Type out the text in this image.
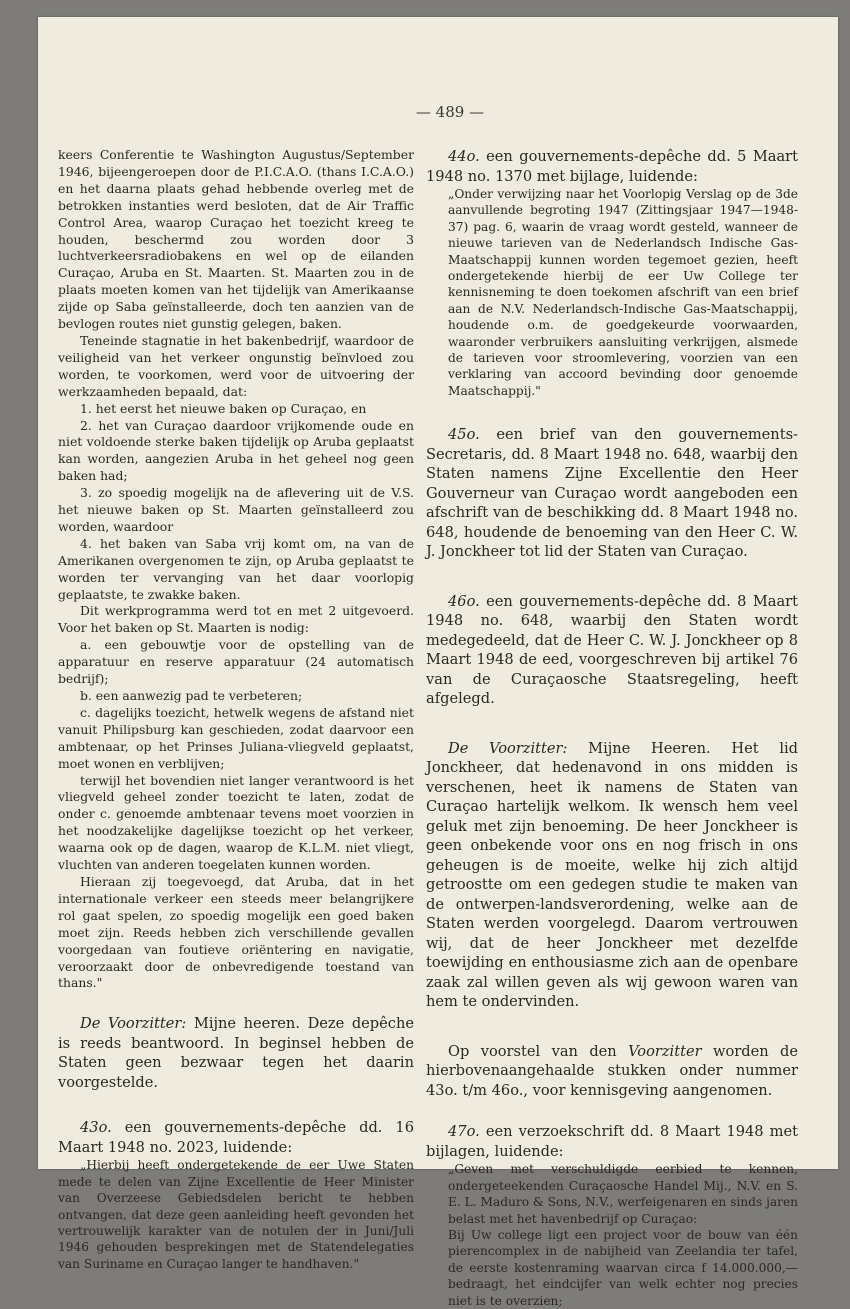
— 489 —

keers Conferentie te Washington Augustus/September 1946, bijeengeroepen door de P.I.C.A.O. (thans I.C.A.O.) en het daarna plaats gehad hebbende overleg met de betrokken instanties werd besloten, dat de Air Traffic Control Area, waarop Curaçao het toezicht kreeg te houden, beschermd zou worden door 3 luchtverkeersradiobakens en wel op de eilanden Curaçao, Aruba en St. Maarten. St. Maarten zou in de plaats moeten komen van het tijdelijk van Amerikaanse zijde op Saba geïnstalleerde, doch ten aanzien van de bevlogen routes niet gunstig gelegen, baken.

Teneinde stagnatie in het bakenbedrijf, waardoor de veiligheid van het verkeer ongunstig beïnvloed zou worden, te voorkomen, werd voor de uitvoering der werkzaamheden bepaald, dat:

1. het eerst het nieuwe baken op Curaçao, en

2. het van Curaçao daardoor vrijkomende oude en niet voldoende sterke baken tijdelijk op Aruba geplaatst kan worden, aangezien Aruba in het geheel nog geen baken had;

3. zo spoedig mogelijk na de aflevering uit de V.S. het nieuwe baken op St. Maarten geïnstalleerd zou worden, waardoor

4. het baken van Saba vrij komt om, na van de Amerikanen overgenomen te zijn, op Aruba geplaatst te worden ter vervanging van het daar voorlopig geplaatste, te zwakke baken.

Dit werkprogramma werd tot en met 2 uitgevoerd. Voor het baken op St. Maarten is nodig:

a. een gebouwtje voor de opstelling van de apparatuur en reserve apparatuur (24 automatisch bedrijf);

b. een aanwezig pad te verbeteren;

c. dagelijks toezicht, hetwelk wegens de afstand niet vanuit Philipsburg kan geschieden, zodat daarvoor een ambtenaar, op het Prinses Juliana-vliegveld geplaatst, moet wonen en verblijven;

terwijl het bovendien niet langer verantwoord is het vliegveld geheel zonder toezicht te laten, zodat de onder c. genoemde ambtenaar tevens moet voorzien in het noodzakelijke dagelijkse toezicht op het verkeer, waarna ook op de dagen, waarop de K.L.M. niet vliegt, vluchten van anderen toegelaten kunnen worden.

Hieraan zij toegevoegd, dat Aruba, dat in het internationale verkeer een steeds meer belangrijkere rol gaat spelen, zo spoedig mogelijk een goed baken moet zijn. Reeds hebben zich verschillende gevallen voorgedaan van foutieve oriëntering en navigatie, veroorzaakt door de onbevredigende toestand van thans."

De Voorzitter: Mijne heeren. Deze depêche is reeds beantwoord. In beginsel hebben de Staten geen bezwaar tegen het daarin voorgestelde.

43o. een gouvernements-depêche dd. 16 Maart 1948 no. 2023, luidende:

„Hierbij heeft ondergetekende de eer Uwe Staten mede te delen van Zijne Excellentie de Heer Minister van Overzeese Gebiedsdelen bericht te hebben ontvangen, dat deze geen aanleiding heeft gevonden het vertrouwelijk karakter van de notulen der in Juni/Juli 1946 gehouden besprekingen met de Statendelegaties van Suriname en Curaçao langer te handhaven."

44o. een gouvernements-depêche dd. 5 Maart 1948 no. 1370 met bijlage, luidende:

„Onder verwijzing naar het Voorlopig Verslag op de 3de aanvullende begroting 1947 (Zittingsjaar 1947—1948-37) pag. 6, waarin de vraag wordt gesteld, wanneer de nieuwe tarieven van de Nederlandsch Indische Gas-Maatschappij kunnen worden tegemoet gezien, heeft ondergetekende hierbij de eer Uw College ter kennisneming te doen toekomen afschrift van een brief aan de N.V. Nederlandsch-Indische Gas-Maatschappij, houdende o.m. de goedgekeurde voorwaarden, waaronder verbruikers aansluiting verkrijgen, alsmede de tarieven voor stroomlevering, voorzien van een verklaring van accoord bevinding door genoemde Maatschappij."

45o. een brief van den gouvernements-Secretaris, dd. 8 Maart 1948 no. 648, waarbij den Staten namens Zijne Excellentie den Heer Gouverneur van Curaçao wordt aangeboden een afschrift van de beschikking dd. 8 Maart 1948 no. 648, houdende de benoeming van den Heer C. W. J. Jonckheer tot lid der Staten van Curaçao.

46o. een gouvernements-depêche dd. 8 Maart 1948 no. 648, waarbij den Staten wordt medegedeeld, dat de Heer C. W. J. Jonckheer op 8 Maart 1948 de eed, voorgeschreven bij artikel 76 van de Curaçaosche Staatsregeling, heeft afgelegd.

De Voorzitter: Mijne Heeren. Het lid Jonckheer, dat hedenavond in ons midden is verschenen, heet ik namens de Staten van Curaçao hartelijk welkom. Ik wensch hem veel geluk met zijn benoeming. De heer Jonckheer is geen onbekende voor ons en nog frisch in ons geheugen is de moeite, welke hij zich altijd getroostte om een gedegen studie te maken van de ontwerpen-landsverordening, welke aan de Staten werden voorgelegd. Daarom vertrouwen wij, dat de heer Jonckheer met dezelfde toewijding en enthousiasme zich aan de openbare zaak zal willen geven als wij gewoon waren van hem te ondervinden.

Op voorstel van den Voorzitter worden de hierbovenaangehaalde stukken onder nummer 43o. t/m 46o., voor kennisgeving aangenomen.

47o. een verzoekschrift dd. 8 Maart 1948 met bijlagen, luidende:

„Geven met verschuldigde eerbied te kennen, ondergeteekenden Curaçaosche Handel Mij., N.V. en S. E. L. Maduro & Sons, N.V., werfeigenaren en sinds jaren belast met het havenbedrijf op Curaçao:

Bij Uw college ligt een project voor de bouw van één pierencomplex in de nabijheid van Zeelandia ter tafel, de eerste kostenraming waarvan circa f 14.000.000,— bedraagt, het eindcijfer van welk echter nog precies niet is te overzien;
